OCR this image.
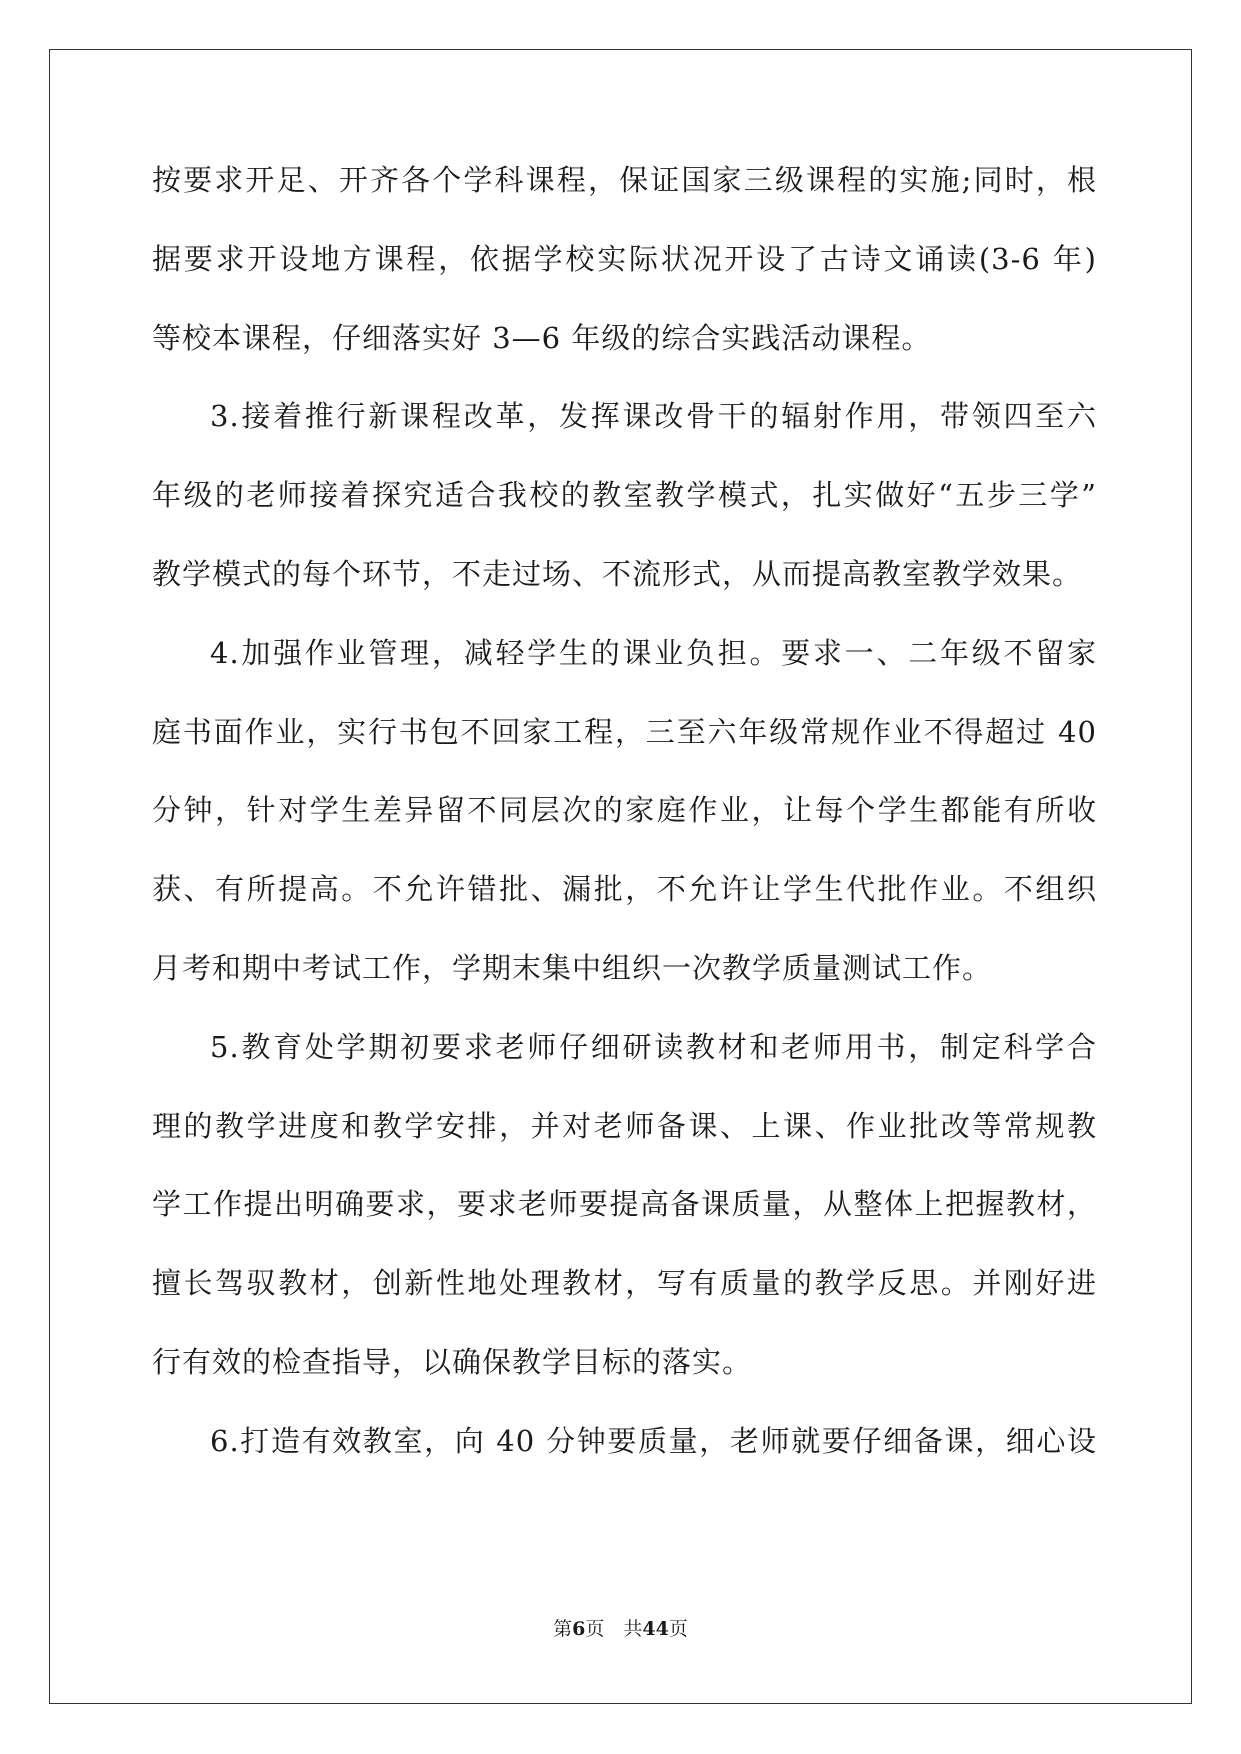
按要求开足、开齐各个学科课程，保证国家三级课程的实施;同时，根
据要求开设地方课程，依据学校实际状况开设了古诗文诵读(3-6 年)
等校本课程，仔细落实好 3—6 年级的综合实践活动课程。
3.接着推行新课程改革，发挥课改骨干的辐射作用，带领四至六
年级的老师接着探究适合我校的教室教学模式，扎实做好“五步三学”
教学模式的每个环节，不走过场、不流形式，从而提高教室教学效果。
4.加强作业管理，减轻学生的课业负担。要求一、二年级不留家
庭书面作业，实行书包不回家工程，三至六年级常规作业不得超过 40
分钟，针对学生差异留不同层次的家庭作业，让每个学生都能有所收
获、有所提高。不允许错批、漏批，不允许让学生代批作业。不组织
月考和期中考试工作，学期末集中组织一次教学质量测试工作。
5.教育处学期初要求老师仔细研读教材和老师用书，制定科学合
理的教学进度和教学安排，并对老师备课、上课、作业批改等常规教
学工作提出明确要求，要求老师要提高备课质量，从整体上把握教材，
擅长驾驭教材，创新性地处理教材，写有质量的教学反思。并刚好进
行有效的检查指导，以确保教学目标的落实。
6.打造有效教室，向 40 分钟要质量，老师就要仔细备课，细心设
第6页　共44页
